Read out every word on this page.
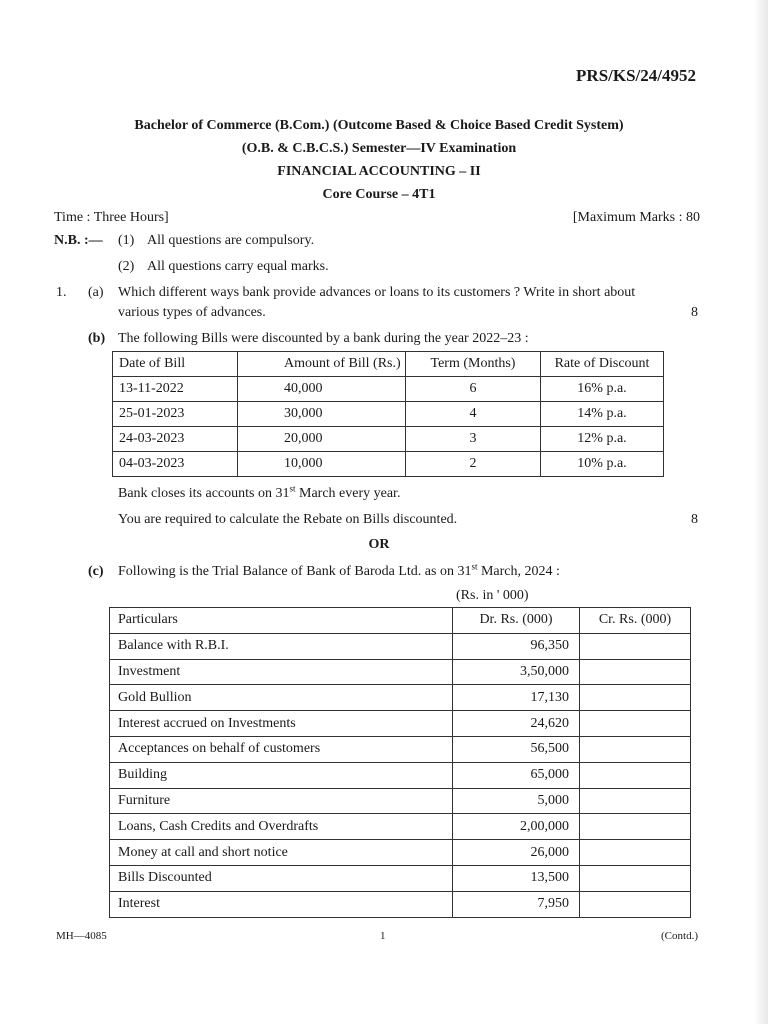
PRS/KS/24/4952
Bachelor of Commerce (B.Com.) (Outcome Based & Choice Based Credit System)
(O.B. & C.B.C.S.) Semester—IV Examination
FINANCIAL ACCOUNTING – II
Core Course – 4T1
Time : Three Hours]	[Maximum Marks : 80
N.B. :— (1) All questions are compulsory.
(2) All questions carry equal marks.
1. (a) Which different ways bank provide advances or loans to its customers ? Write in short about
various types of advances.	8
(b) The following Bills were discounted by a bank during the year 2022–23 :
Date of Bill	Amount of Bill (Rs.)	Term (Months)	Rate of Discount
13-11-2022	40,000	6	16% p.a.
25-01-2023	30,000	4	14% p.a.
24-03-2023	20,000	3	12% p.a.
04-03-2023	10,000	2	10% p.a.
Bank closes its accounts on 31st March every year.
You are required to calculate the Rebate on Bills discounted.	8
OR
(c) Following is the Trial Balance of Bank of Baroda Ltd. as on 31st March, 2024 :
(Rs. in ' 000)
Particulars	Dr. Rs. (000)	Cr. Rs. (000)
Balance with R.B.I.	96,350	
Investment	3,50,000	
Gold Bullion	17,130	
Interest accrued on Investments	24,620	
Acceptances on behalf of customers	56,500	
Building	65,000	
Furniture	5,000	
Loans, Cash Credits and Overdrafts	2,00,000	
Money at call and short notice	26,000	
Bills Discounted	13,500	
Interest	7,950	
MH—4085	1	(Contd.)
